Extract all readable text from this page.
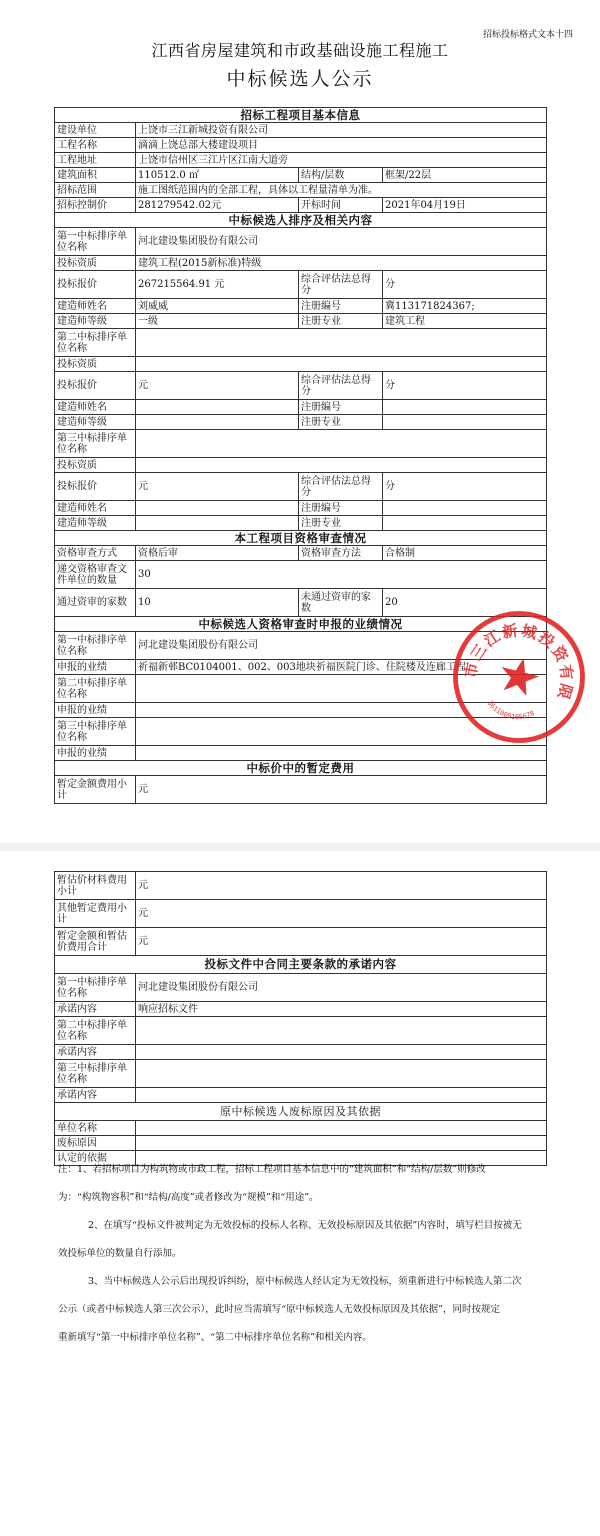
招标投标格式文本十四
江西省房屋建筑和市政基础设施工程施工
中标候选人公示
招标工程项目基本信息			
建设单位	上饶市三江新城投资有限公司		
工程名称	滴滴上饶总部大楼建设项目		
工程地址	上饶市信州区三江片区江南大道旁		
建筑面积	110512.0 ㎡	结构/层数	框架/22层
招标范围	施工图纸范围内的全部工程，具体以工程量清单为准。		
招标控制价	281279542.02元	开标时间	2021年04月19日
中标候选人排序及相关内容			
第一中标排序单位名称	河北建设集团股份有限公司		
投标资质	建筑工程(2015新标准)特级		
投标报价	267215564.91 元	综合评估法总得分	分
建造师姓名	刘威威	注册编号	冀113171824367;
建造师等级	一级	注册专业	建筑工程
第二中标排序单位名称			
投标资质			
投标报价	元	综合评估法总得分	分
建造师姓名		注册编号	
建造师等级		注册专业	
第三中标排序单位名称			
投标资质			
投标报价	元	综合评估法总得分	分
建造师姓名		注册编号	
建造师等级		注册专业	
本工程项目资格审查情况			
资格审查方式	资格后审	资格审查方法	合格制
递交资格审查文件单位的数量	30		
通过资审的家数	10	未通过资审的家数	20
中标候选人资格审查时申报的业绩情况			
第一中标排序单位名称	河北建设集团股份有限公司		
申报的业绩	祈福新邨BC0104001、002、003地块祈福医院门诊、住院楼及连廊工程		
第二中标排序单位名称			
申报的业绩			
第三中标排序单位名称			
申报的业绩			
中标价中的暂定费用			
暂定金额费用小计	元		
上饶市三江新城投资有限公司
3611000105678
暂估价材料费用小计	元
其他暂定费用小计	元
暂定金额和暂估价费用合计	元
投标文件中合同主要条款的承诺内容	
第一中标排序单位名称	河北建设集团股份有限公司
承诺内容	响应招标文件
第二中标排序单位名称	
承诺内容	
第三中标排序单位名称	
承诺内容	
原中标候选人废标原因及其依据	
单位名称	
废标原因	
认定的依据	

注：1、若招标项目为构筑物或市政工程，招标工程项目基本信息中的“建筑面积”和“结构/层数”则修改

为：“构筑物容积”和“结构/高度”或者修改为“规模”和“用途”。

2、在填写“投标文件被判定为无效投标的投标人名称、无效投标原因及其依据”内容时，填写栏目按被无

效投标单位的数量自行添加。

3、当中标候选人公示后出现投诉纠纷，原中标候选人经认定为无效投标，须重新进行中标候选人第二次

公示（或者中标候选人第三次公示），此时应当需填写“原中标候选人无效投标原因及其依据”，同时按规定

重新填写“第一中标排序单位名称”、“第二中标排序单位名称”和相关内容。
